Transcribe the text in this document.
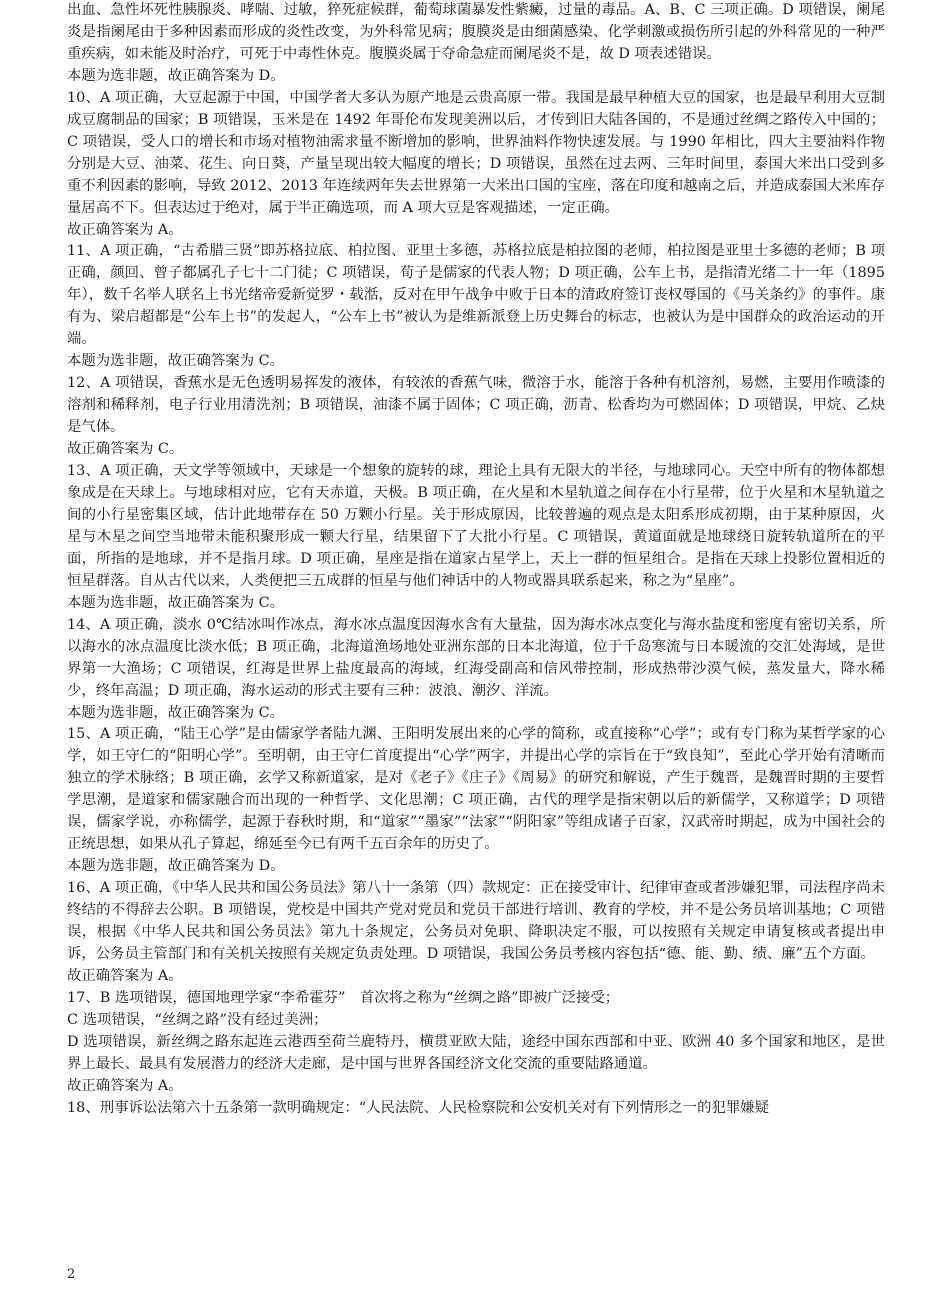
出血、急性坏死性胰腺炎、哮喘、过敏，猝死症候群，葡萄球菌暴发性紫癜，过量的毒品。A、B、C 三项正确。D 项错误，阑尾炎是指阑尾由于多种因素而形成的炎性改变，为外科常见病；腹膜炎是由细菌感染、化学刺激或损伤所引起的外科常见的一种严重疾病，如未能及时治疗，可死于中毒性休克。腹膜炎属于夺命急症而阑尾炎不是，故 D 项表述错误。

本题为选非题，故正确答案为 D。

10、A 项正确，大豆起源于中国，中国学者大多认为原产地是云贵高原一带。我国是最早种植大豆的国家，也是最早利用大豆制成豆腐制品的国家；B 项错误，玉米是在 1492 年哥伦布发现美洲以后，才传到旧大陆各国的，不是通过丝绸之路传入中国的；C 项错误，受人口的增长和市场对植物油需求量不断增加的影响，世界油料作物快速发展。与 1990 年相比，四大主要油料作物分别是大豆、油菜、花生、向日葵，产量呈现出较大幅度的增长；D 项错误，虽然在过去两、三年时间里，泰国大米出口受到多重不利因素的影响，导致 2012、2013 年连续两年失去世界第一大米出口国的宝座，落在印度和越南之后，并造成泰国大米库存量居高不下。但表达过于绝对，属于半正确选项，而 A 项大豆是客观描述，一定正确。

故正确答案为 A。

11、A 项正确，“古希腊三贤”即苏格拉底、柏拉图、亚里士多德，苏格拉底是柏拉图的老师，柏拉图是亚里士多德的老师；B 项正确，颜回、曾子都属孔子七十二门徒；C 项错误，荀子是儒家的代表人物；D 项正确，公车上书，是指清光绪二十一年（1895 年），数千名举人联名上书光绪帝爱新觉罗・载湉，反对在甲午战争中败于日本的清政府签订丧权辱国的《马关条约》的事件。康有为、梁启超都是“公车上书”的发起人，“公车上书”被认为是维新派登上历史舞台的标志，也被认为是中国群众的政治运动的开端。

本题为选非题，故正确答案为 C。

12、A 项错误，香蕉水是无色透明易挥发的液体，有较浓的香蕉气味，微溶于水，能溶于各种有机溶剂，易燃，主要用作喷漆的溶剂和稀释剂，电子行业用清洗剂；B 项错误，油漆不属于固体；C 项正确，沥青、松香均为可燃固体；D 项错误，甲烷、乙炔是气体。

故正确答案为 C。

13、A 项正确，天文学等领域中，天球是一个想象的旋转的球，理论上具有无限大的半径，与地球同心。天空中所有的物体都想象成是在天球上。与地球相对应，它有天赤道，天极。B 项正确，在火星和木星轨道之间存在小行星带，位于火星和木星轨道之间的小行星密集区域，估计此地带存在 50 万颗小行星。关于形成原因，比较普遍的观点是太阳系形成初期，由于某种原因，火星与木星之间空当地带未能积聚形成一颗大行星，结果留下了大批小行星。C 项错误，黄道面就是地球绕日旋转轨道所在的平面，所指的是地球，并不是指月球。D 项正确，星座是指在道家占星学上，天上一群的恒星组合。是指在天球上投影位置相近的恒星群落。自从古代以来，人类便把三五成群的恒星与他们神话中的人物或器具联系起来，称之为“星座”。

本题为选非题，故正确答案为 C。

14、A 项正确，淡水 0℃结冰叫作冰点，海水冰点温度因海水含有大量盐，因为海水冰点变化与海水盐度和密度有密切关系，所以海水的冰点温度比淡水低；B 项正确，北海道渔场地处亚洲东部的日本北海道，位于千岛寒流与日本暖流的交汇处海域，是世界第一大渔场；C 项错误，红海是世界上盐度最高的海域，红海受副高和信风带控制，形成热带沙漠气候，蒸发量大，降水稀少，终年高温；D 项正确，海水运动的形式主要有三种：波浪、潮汐、洋流。

本题为选非题，故正确答案为 C。

15、A 项正确，“陆王心学”是由儒家学者陆九渊、王阳明发展出来的心学的简称，或直接称“心学”；或有专门称为某哲学家的心学，如王守仁的“阳明心学”。至明朝，由王守仁首度提出“心学”两字，并提出心学的宗旨在于“致良知”，至此心学开始有清晰而独立的学术脉络；B 项正确，玄学又称新道家，是对《老子》《庄子》《周易》的研究和解说，产生于魏晋，是魏晋时期的主要哲学思潮，是道家和儒家融合而出现的一种哲学、文化思潮；C 项正确，古代的理学是指宋朝以后的新儒学，又称道学；D 项错误，儒家学说，亦称儒学，起源于春秋时期，和“道家”“墨家”“法家”“阴阳家”等组成诸子百家，汉武帝时期起，成为中国社会的正统思想，如果从孔子算起，绵延至今已有两千五百余年的历史了。

本题为选非题，故正确答案为 D。

16、A 项正确，《中华人民共和国公务员法》第八十一条第（四）款规定：正在接受审计、纪律审查或者涉嫌犯罪，司法程序尚未终结的不得辞去公职。B 项错误，党校是中国共产党对党员和党员干部进行培训、教育的学校，并不是公务员培训基地；C 项错误，根据《中华人民共和国公务员法》第九十条规定，公务员对免职、降职决定不服，可以按照有关规定申请复核或者提出申诉，公务员主管部门和有关机关按照有关规定负责处理。D 项错误，我国公务员考核内容包括“德、能、勤、绩、廉”五个方面。

故正确答案为 A。

17、B 选项错误，德国地理学家“李希霍芬”　首次将之称为“丝绸之路”即被广泛接受；

C 选项错误，“丝绸之路”没有经过美洲；

D 选项错误，新丝绸之路东起连云港西至荷兰鹿特丹，横贯亚欧大陆，途经中国东西部和中亚、欧洲 40 多个国家和地区，是世界上最长、最具有发展潜力的经济大走廊，是中国与世界各国经济文化交流的重要陆路通道。

故正确答案为 A。

18、刑事诉讼法第六十五条第一款明确规定：“人民法院、人民检察院和公安机关对有下列情形之一的犯罪嫌疑

2
